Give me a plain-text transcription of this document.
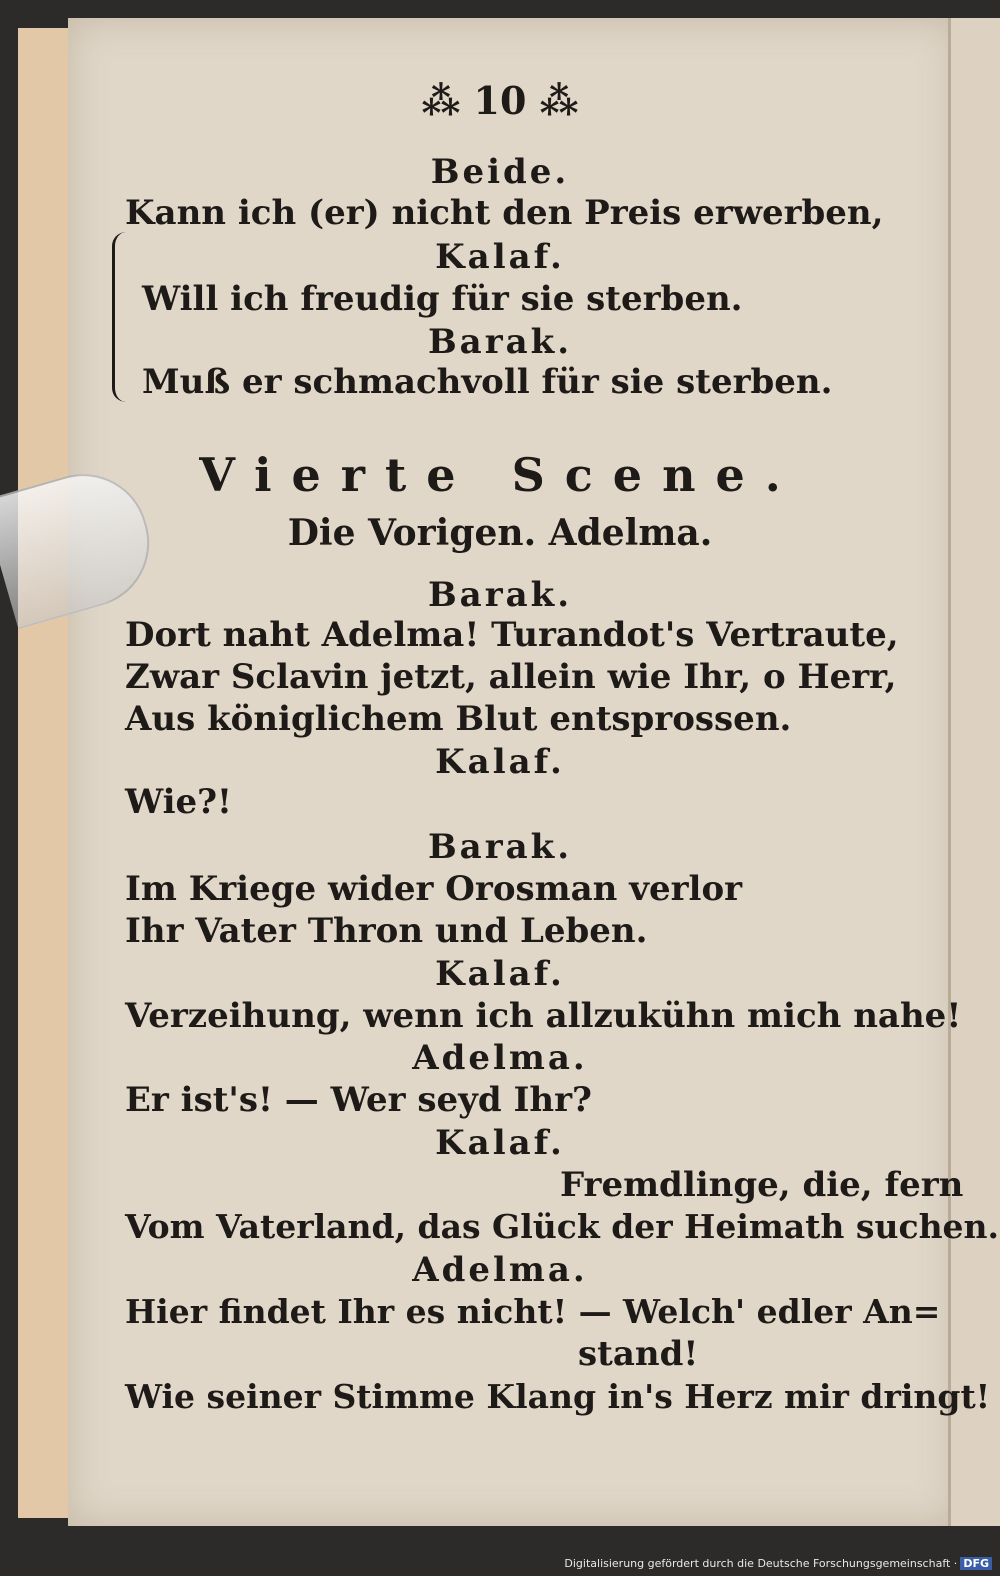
⁂ 10 ⁂
Beide.
Kann ich (er) nicht den Preis erwerben,
Kalaf.
Will ich freudig für sie sterben.
Barak.
Muß er schmachvoll für sie sterben.
Vierte Scene.
Die Vorigen. Adelma.
Barak.
Dort naht Adelma! Turandot's Vertraute,
Zwar Sclavin jetzt, allein wie Ihr, o Herr,
Aus königlichem Blut entsprossen.
Kalaf.
Wie?!
Barak.
Im Kriege wider Orosman verlor
Ihr Vater Thron und Leben.
Kalaf.
Verzeihung, wenn ich allzukühn mich nahe!
Adelma.
Er ist's! — Wer seyd Ihr?
Kalaf.
Fremdlinge, die, fern
Vom Vaterland, das Glück der Heimath suchen.
Adelma.
Hier findet Ihr es nicht! — Welch' edler An=
stand!
Wie seiner Stimme Klang in's Herz mir dringt!
Digitalisierung gefördert durch die Deutsche Forschungsgemeinschaft · DFG
